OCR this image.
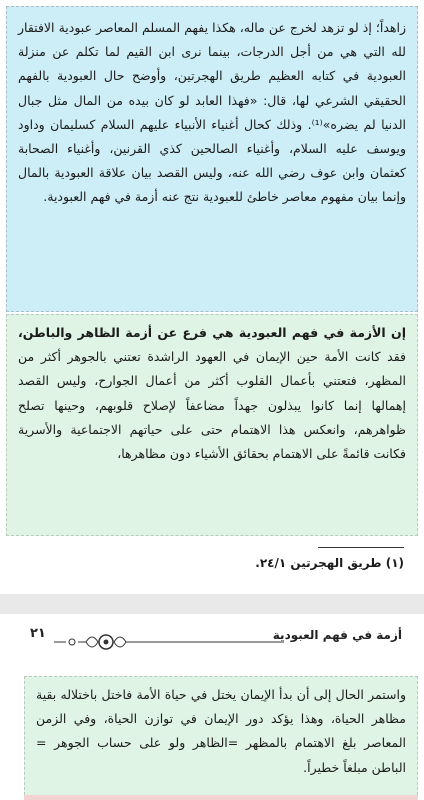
زاهداً؛ إذ لو تزهد لخرج عن ماله، هكذا يفهم المسلم المعاصر عبودية الافتقار لله التي هي من أجل الدرجات، بينما نرى ابن القيم لما تكلم عن منزلة العبودية في كتابه العظيم طريق الهجرتين، وأوضح حال العبودية بالفهم الحقيقي الشرعي لها، قال: «فهذا العابد لو كان بيده من المال مثل جبال الدنيا لم يضره»⁽¹⁾. وذلك كحال أغنياء الأنبياء عليهم السلام كسليمان وداود ويوسف عليه السلام، وأغنياء الصالحين كذي القرنين، وأغنياء الصحابة كعثمان وابن عوف رضي الله عنه، وليس القصد بيان علاقة العبودية بالمال وإنما بيان مفهوم معاصر خاطئ للعبودية نتج عنه أزمة في فهم العبودية.

إن الأزمة في فهم العبودية هي فرع عن أزمة الظاهر والباطن، فقد كانت الأمة حين الإيمان في العهود الراشدة تعتني بالجوهر أكثر من المظهر، فتعتني بأعمال القلوب أكثر من أعمال الجوارح، وليس القصد إهمالها إنما كانوا يبذلون جهداً مضاعفاً لإصلاح قلوبهم، وحينها تصلح ظواهرهم، وانعكس هذا الاهتمام حتى على حياتهم الاجتماعية والأسرية فكانت قائمةً على الاهتمام بحقائق الأشياء دون مظاهرها،

(١) طريق الهجرتين ٢٤/١.
أزمة في فهم العبودية
٢١

واستمر الحال إلى أن بدأ الإيمان يختل في حياة الأمة فاختل باختلاله بقية مظاهر الحياة، وهذا يؤكد دور الإيمان في توازن الحياة، وفي الزمن المعاصر بلغ الاهتمام بالمظهر =الظاهر ولو على حساب الجوهر = الباطن مبلغاً خطيراً.
